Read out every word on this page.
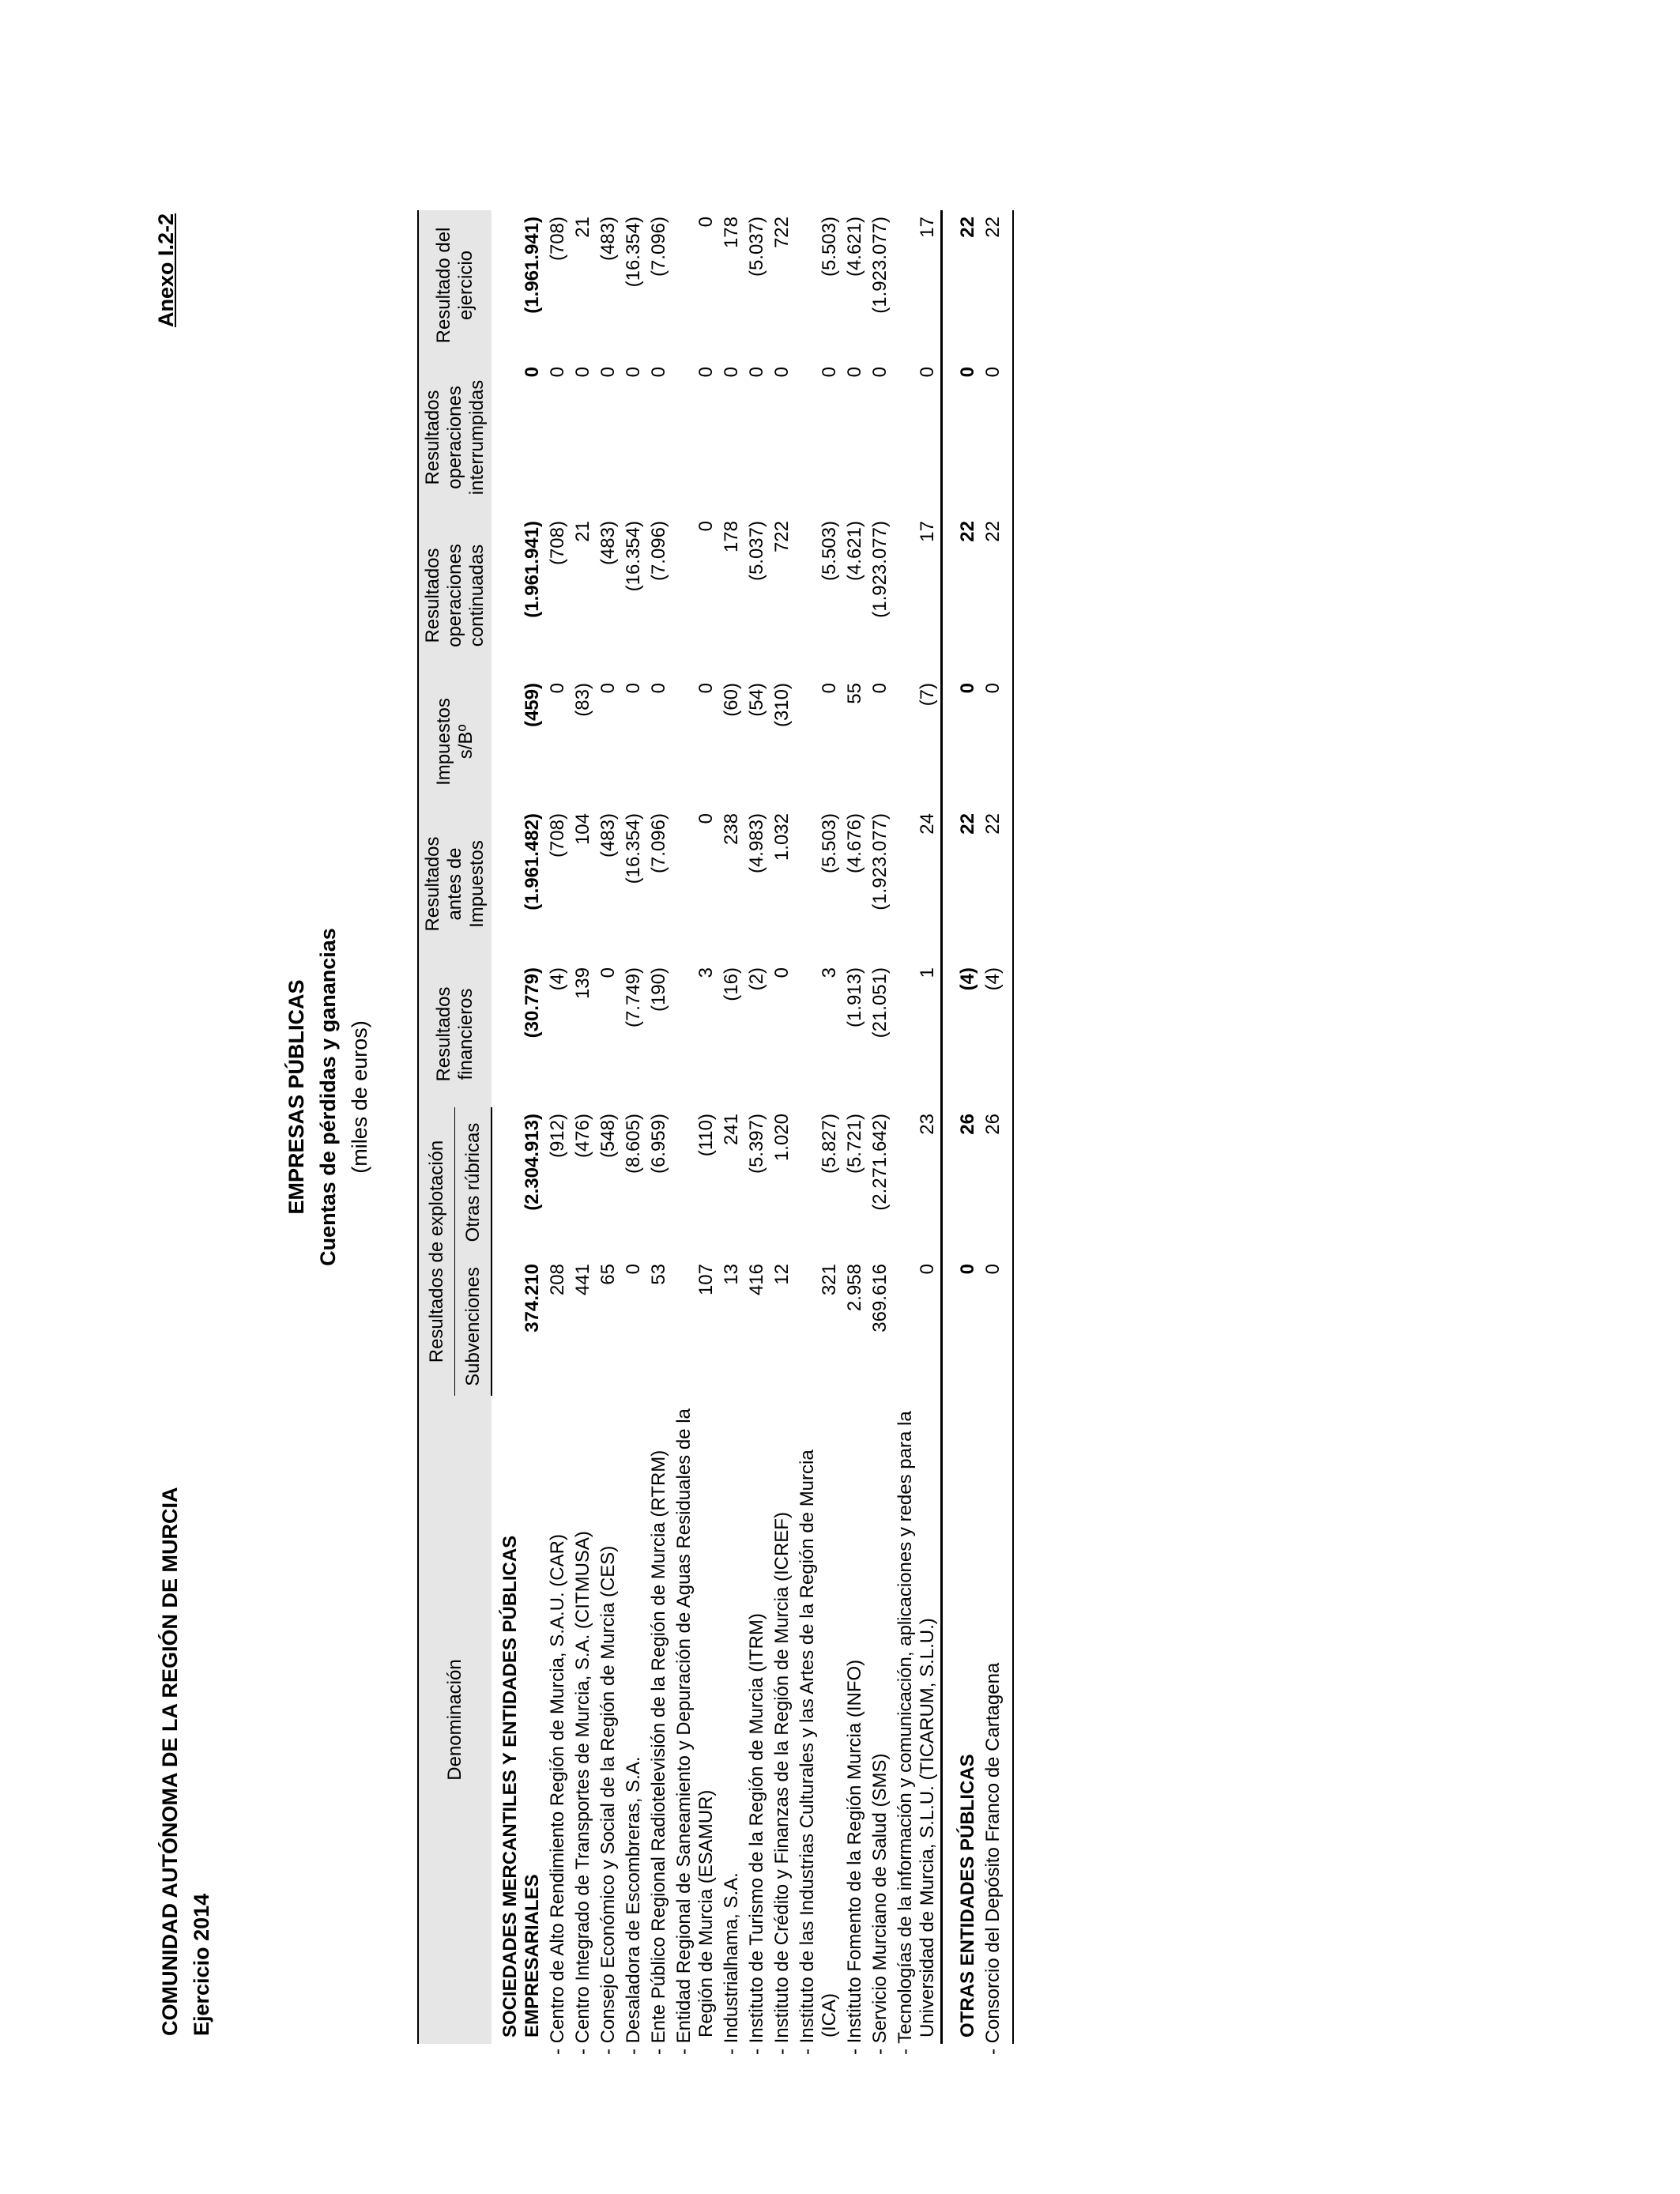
COMUNIDAD AUTÓNOMA DE LA REGIÓN DE MURCIA Ejercicio 2014
Anexo I.2-2
EMPRESAS PÚBLICAS Cuentas de pérdidas y ganancias (miles de euros)
Denominación	Resultados de explotación		Resultados financieros	Resultados antes de Impuestos	Impuestos s/Bº	Resultados operaciones continuadas	Resultados operaciones interrumpidas	Resultado del ejercicio
	Subvenciones	Otras rúbricas						
SOCIEDADES MERCANTILES Y ENTIDADES PÚBLICAS EMPRESARIALES	374.210	(2.304.913)	(30.779)	(1.961.482)	(459)	(1.961.941)	0	(1.961.941)
- Centro de Alto Rendimiento Región de Murcia, S.A.U. (CAR)	208	(912)	(4)	(708)	0	(708)	0	(708)
- Centro Integrado de Transportes de Murcia, S.A. (CITMUSA)	441	(476)	139	104	(83)	21	0	21
- Consejo Económico y Social de la Región de Murcia (CES)	65	(548)	0	(483)	0	(483)	0	(483)
- Desaladora de Escombreras, S.A.	0	(8.605)	(7.749)	(16.354)	0	(16.354)	0	(16.354)
- Ente Público Regional Radiotelevisión de la Región de Murcia (RTRM)	53	(6.959)	(190)	(7.096)	0	(7.096)	0	(7.096)
- Entidad Regional de Saneamiento y Depuración de Aguas Residuales de la Región de Murcia (ESAMUR)	107	(110)	3	0	0	0	0	0
- Industrialhama, S.A.	13	241	(16)	238	(60)	178	0	178
- Instituto de Turismo de la Región de Murcia (ITRM)	416	(5.397)	(2)	(4.983)	(54)	(5.037)	0	(5.037)
- Instituto de Crédito y Finanzas de la Región de Murcia (ICREF)	12	1.020	0	1.032	(310)	722	0	722
- Instituto de las Industrias Culturales y las Artes de la Región de Murcia (ICA)	321	(5.827)	3	(5.503)	0	(5.503)	0	(5.503)
- Instituto Fomento de la Región Murcia (INFO)	2.958	(5.721)	(1.913)	(4.676)	55	(4.621)	0	(4.621)
- Servicio Murciano de Salud (SMS)	369.616	(2.271.642)	(21.051)	(1.923.077)	0	(1.923.077)	0	(1.923.077)
- Tecnologías de la información y comunicación, aplicaciones y redes para la Universidad de Murcia, S.L.U. (TICARUM, S.L.U.)	0	23	1	24	(7)	17	0	17
OTRAS ENTIDADES PÚBLICAS	0	26	(4)	22	0	22	0	22
- Consorcio del Depósito Franco de Cartagena	0	26	(4)	22	0	22	0	22
